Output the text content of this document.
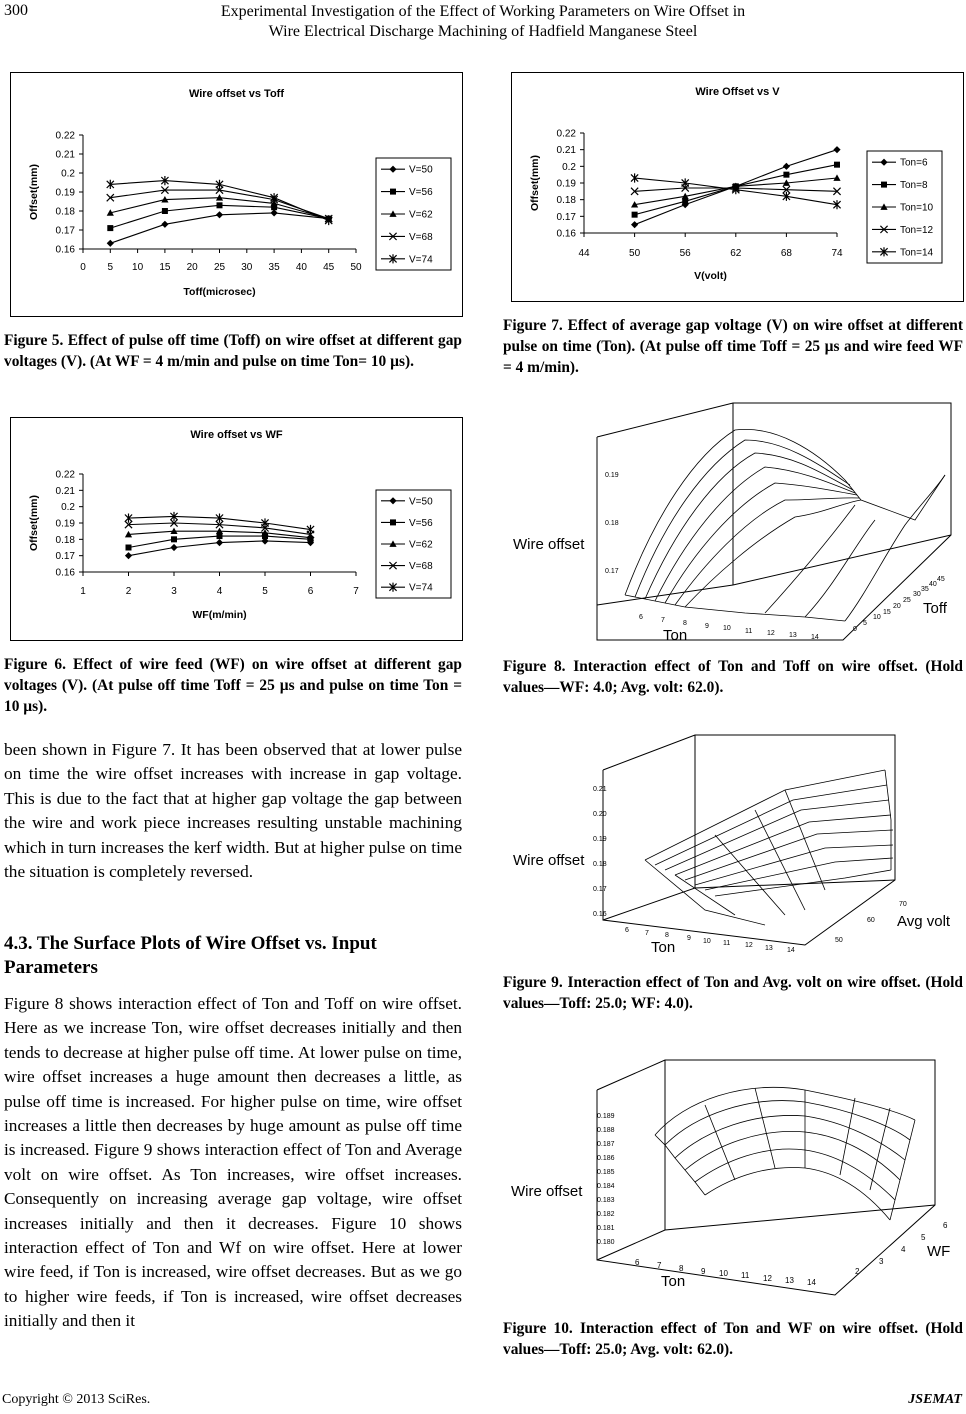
300	Experimental Investigation of the Effect of Working Parameters on Wire Offset in
Wire Electrical Discharge Machining of Hadfield Manganese Steel
Wire offset vs Toff
0.16
0.17
0.18
0.19
0.2
0.21
0.22
0 5 10 15 20 25 30 35 40 45 50
Toff(microsec)
Offset(mm)	V=50
V=56
V=62
V=68
V=74
Wire offset vs WF
0.16
0.17
0.18
0.19
0.2
0.21
0.22
1	2	3	4	5	6	7
WF(m/min)
Offset(mm)	V=50
V=56
V=62
V=68
V=74
Wire Offset vs V
0.16
0.17
0.18
0.19
0.2
0.21
0.22
44	50	56	62	68	74
V(volt)
Offset(mm)	Ton=6
Ton=8
Ton=10
Ton=12
Ton=14
Figure 5. Effect of pulse off time (Toff) on wire offset at different gap voltages (V). (At WF = 4 m/min and pulse on time Ton= 10 µs).
Figure 6. Effect of wire feed (WF) on wire offset at different gap voltages (V). (At pulse off time Toff = 25 µs and pulse on time Ton = 10 µs).
Figure 7. Effect of average gap voltage (V) on wire offset at different pulse on time (Ton). (At pulse off time Toff = 25 µs and wire feed WF = 4 m/min).
been shown in Figure 7. It has been observed that at lower pulse on time the wire offset increases with increase in gap voltage. This is due to the fact that at higher gap voltage the gap between the wire and work piece increases resulting unstable machining which in turn increases the kerf width. But at higher pulse on time the situation is completely reversed.
4.3. The Surface Plots of Wire Offset vs. Input Parameters
Figure 8 shows interaction effect of Ton and Toff on wire offset. Here as we increase Ton, wire offset decreases initially and then tends to decrease at higher pulse off time. At lower pulse on time, wire offset increases a huge amount then decreases a little, as pulse off time is increased. For higher pulse on time, wire offset increases a little then decreases by huge amount as pulse off time is increased. Figure 9 shows interaction effect of Ton and Average volt on wire offset. As Ton increases, wire offset increases. Consequently on increasing average gap voltage, wire offset increases initially and then it decreases. Figure 10 shows interaction effect of Ton and Wf on wire offset. Here at lower wire feed, if Ton is increased, wire offset decreases. But as we go to higher wire feeds, if Ton is increased, wire offset decreases initially and then it
0.19
0.18
0.17
Wire offset
Ton
Toff
6	7	8	9 10 11 12 13 14
0
5
10
15
20
25
30
35
40
45
Figure 8. Interaction effect of Ton and Toff on wire offset. (Hold values—WF: 4.0; Avg. volt: 62.0).
0.16
0.17
0.18
0.19
0.20
0.21
Wire offset
Ton
Avg volt
6 7 8	9 10 11 12 13 14
50
60
70
Figure 9. Interaction effect of Ton and Avg. volt on wire offset. (Hold values—Toff: 25.0; WF: 4.0).
0.180
0.181
0.182
0.183
0.184
0.185
0.186
0.187
0.188
0.189
Wire offset
Ton
WF
6 7 8 9 10 11 12 13 14
2
3
4
5
6
Figure 10. Interaction effect of Ton and WF on wire offset. (Hold values—Toff: 25.0; Avg. volt: 62.0).
Copyright © 2013 SciRes.	JSEMAT
